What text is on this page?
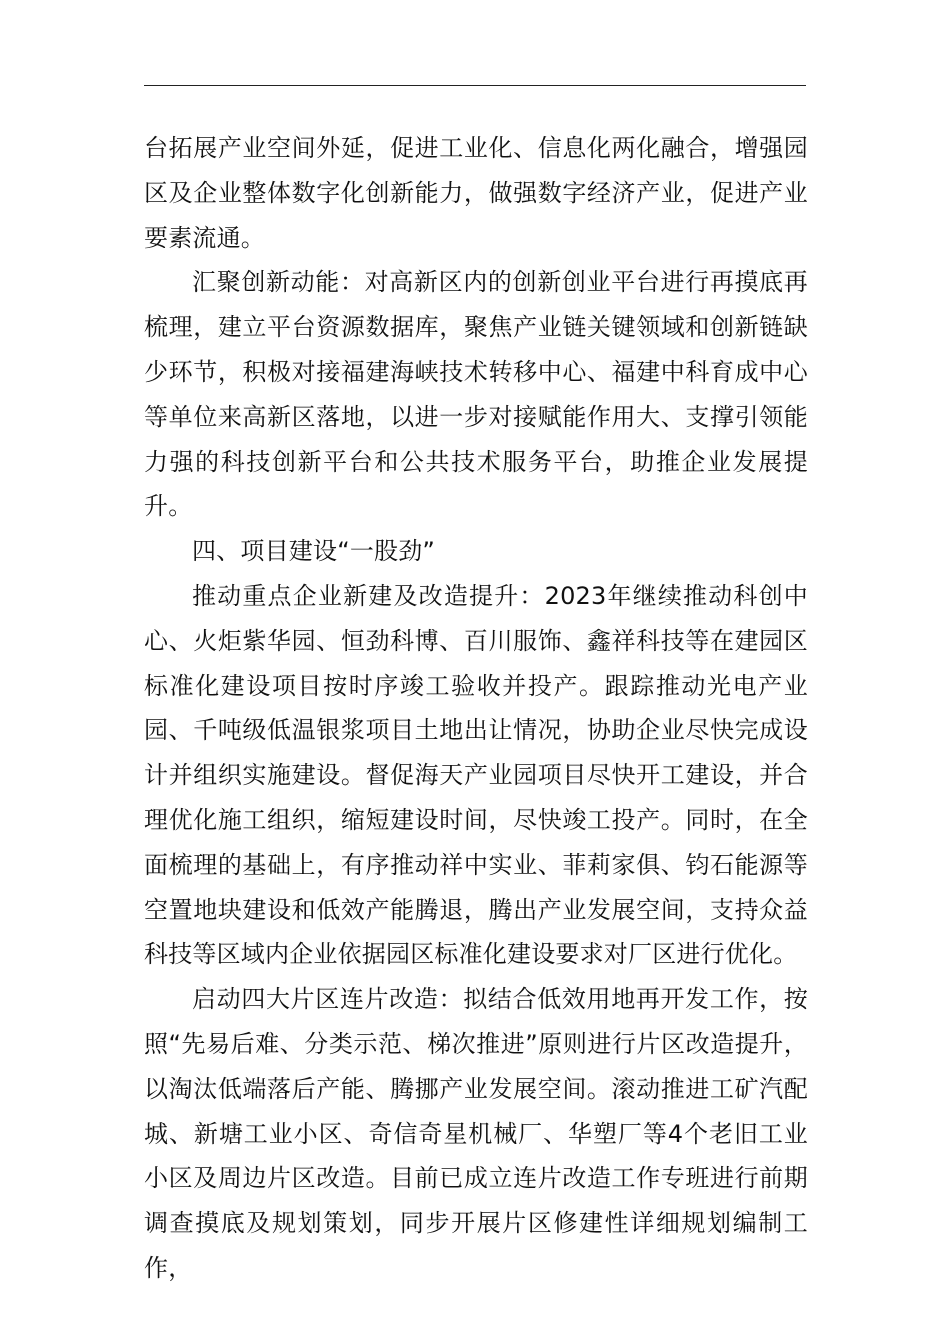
台拓展产业空间外延，促进工业化、信息化两化融合，增强园区及企业整体数字化创新能力，做强数字经济产业，促进产业要素流通。

汇聚创新动能：对高新区内的创新创业平台进行再摸底再梳理，建立平台资源数据库，聚焦产业链关键领域和创新链缺少环节，积极对接福建海峡技术转移中心、福建中科育成中心等单位来高新区落地，以进一步对接赋能作用大、支撑引领能力强的科技创新平台和公共技术服务平台，助推企业发展提升。

四、项目建设“一股劲”

推动重点企业新建及改造提升：2023年继续推动科创中心、火炬紫华园、恒劲科博、百川服饰、鑫祥科技等在建园区标准化建设项目按时序竣工验收并投产。跟踪推动光电产业园、千吨级低温银浆项目土地出让情况，协助企业尽快完成设计并组织实施建设。督促海天产业园项目尽快开工建设，并合理优化施工组织，缩短建设时间，尽快竣工投产。同时，在全面梳理的基础上，有序推动祥中实业、菲莉家俱、钧石能源等空置地块建设和低效产能腾退，腾出产业发展空间，支持众益科技等区域内企业依据园区标准化建设要求对厂区进行优化。

启动四大片区连片改造：拟结合低效用地再开发工作，按照“先易后难、分类示范、梯次推进”原则进行片区改造提升，以淘汰低端落后产能、腾挪产业发展空间。滚动推进工矿汽配城、新塘工业小区、奇信奇星机械厂、华塑厂等4个老旧工业小区及周边片区改造。目前已成立连片改造工作专班进行前期调查摸底及规划策划，同步开展片区修建性详细规划编制工作，
